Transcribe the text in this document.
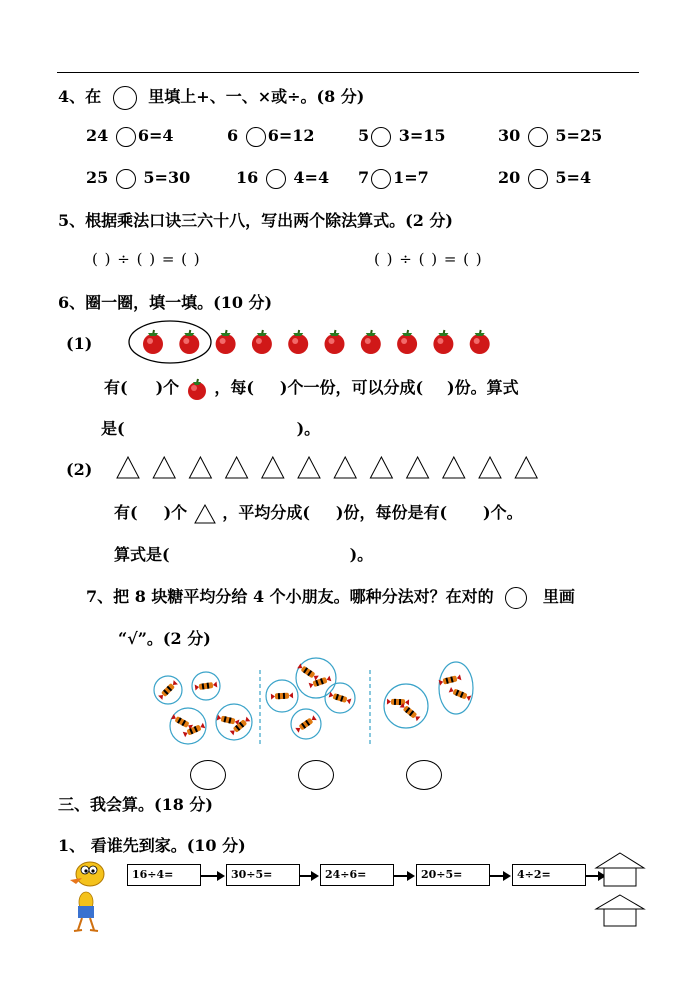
4、在	里填上+、一、×或÷。(8 分)
24 6=4	6 6=12	5 3=15	30 5=25
25 5=30	16 4=4 7 1=7	20 5=4
5、根据乘法口诀三六十八，写出两个除法算式。(2 分)
( ) ÷ ( ) = ( )	( ) ÷ ( ) = ( )
6、圈一圈，填一填。(10 分)
(1)
有( )个 ，每( )个一份，可以分成( )份。算式
是(	)。
(2)
有( )个 ，平均分成( )份，每份是有( )个。
算式是(	)。
7、把 8 块糖平均分给 4 个小朋友。哪种分法对？在对的	里画
“√”。(2 分)
三、我会算。(18 分)
1、 看谁先到家。(10 分)
16÷4=	30÷5=	24÷6=	20÷5=	4÷2=
